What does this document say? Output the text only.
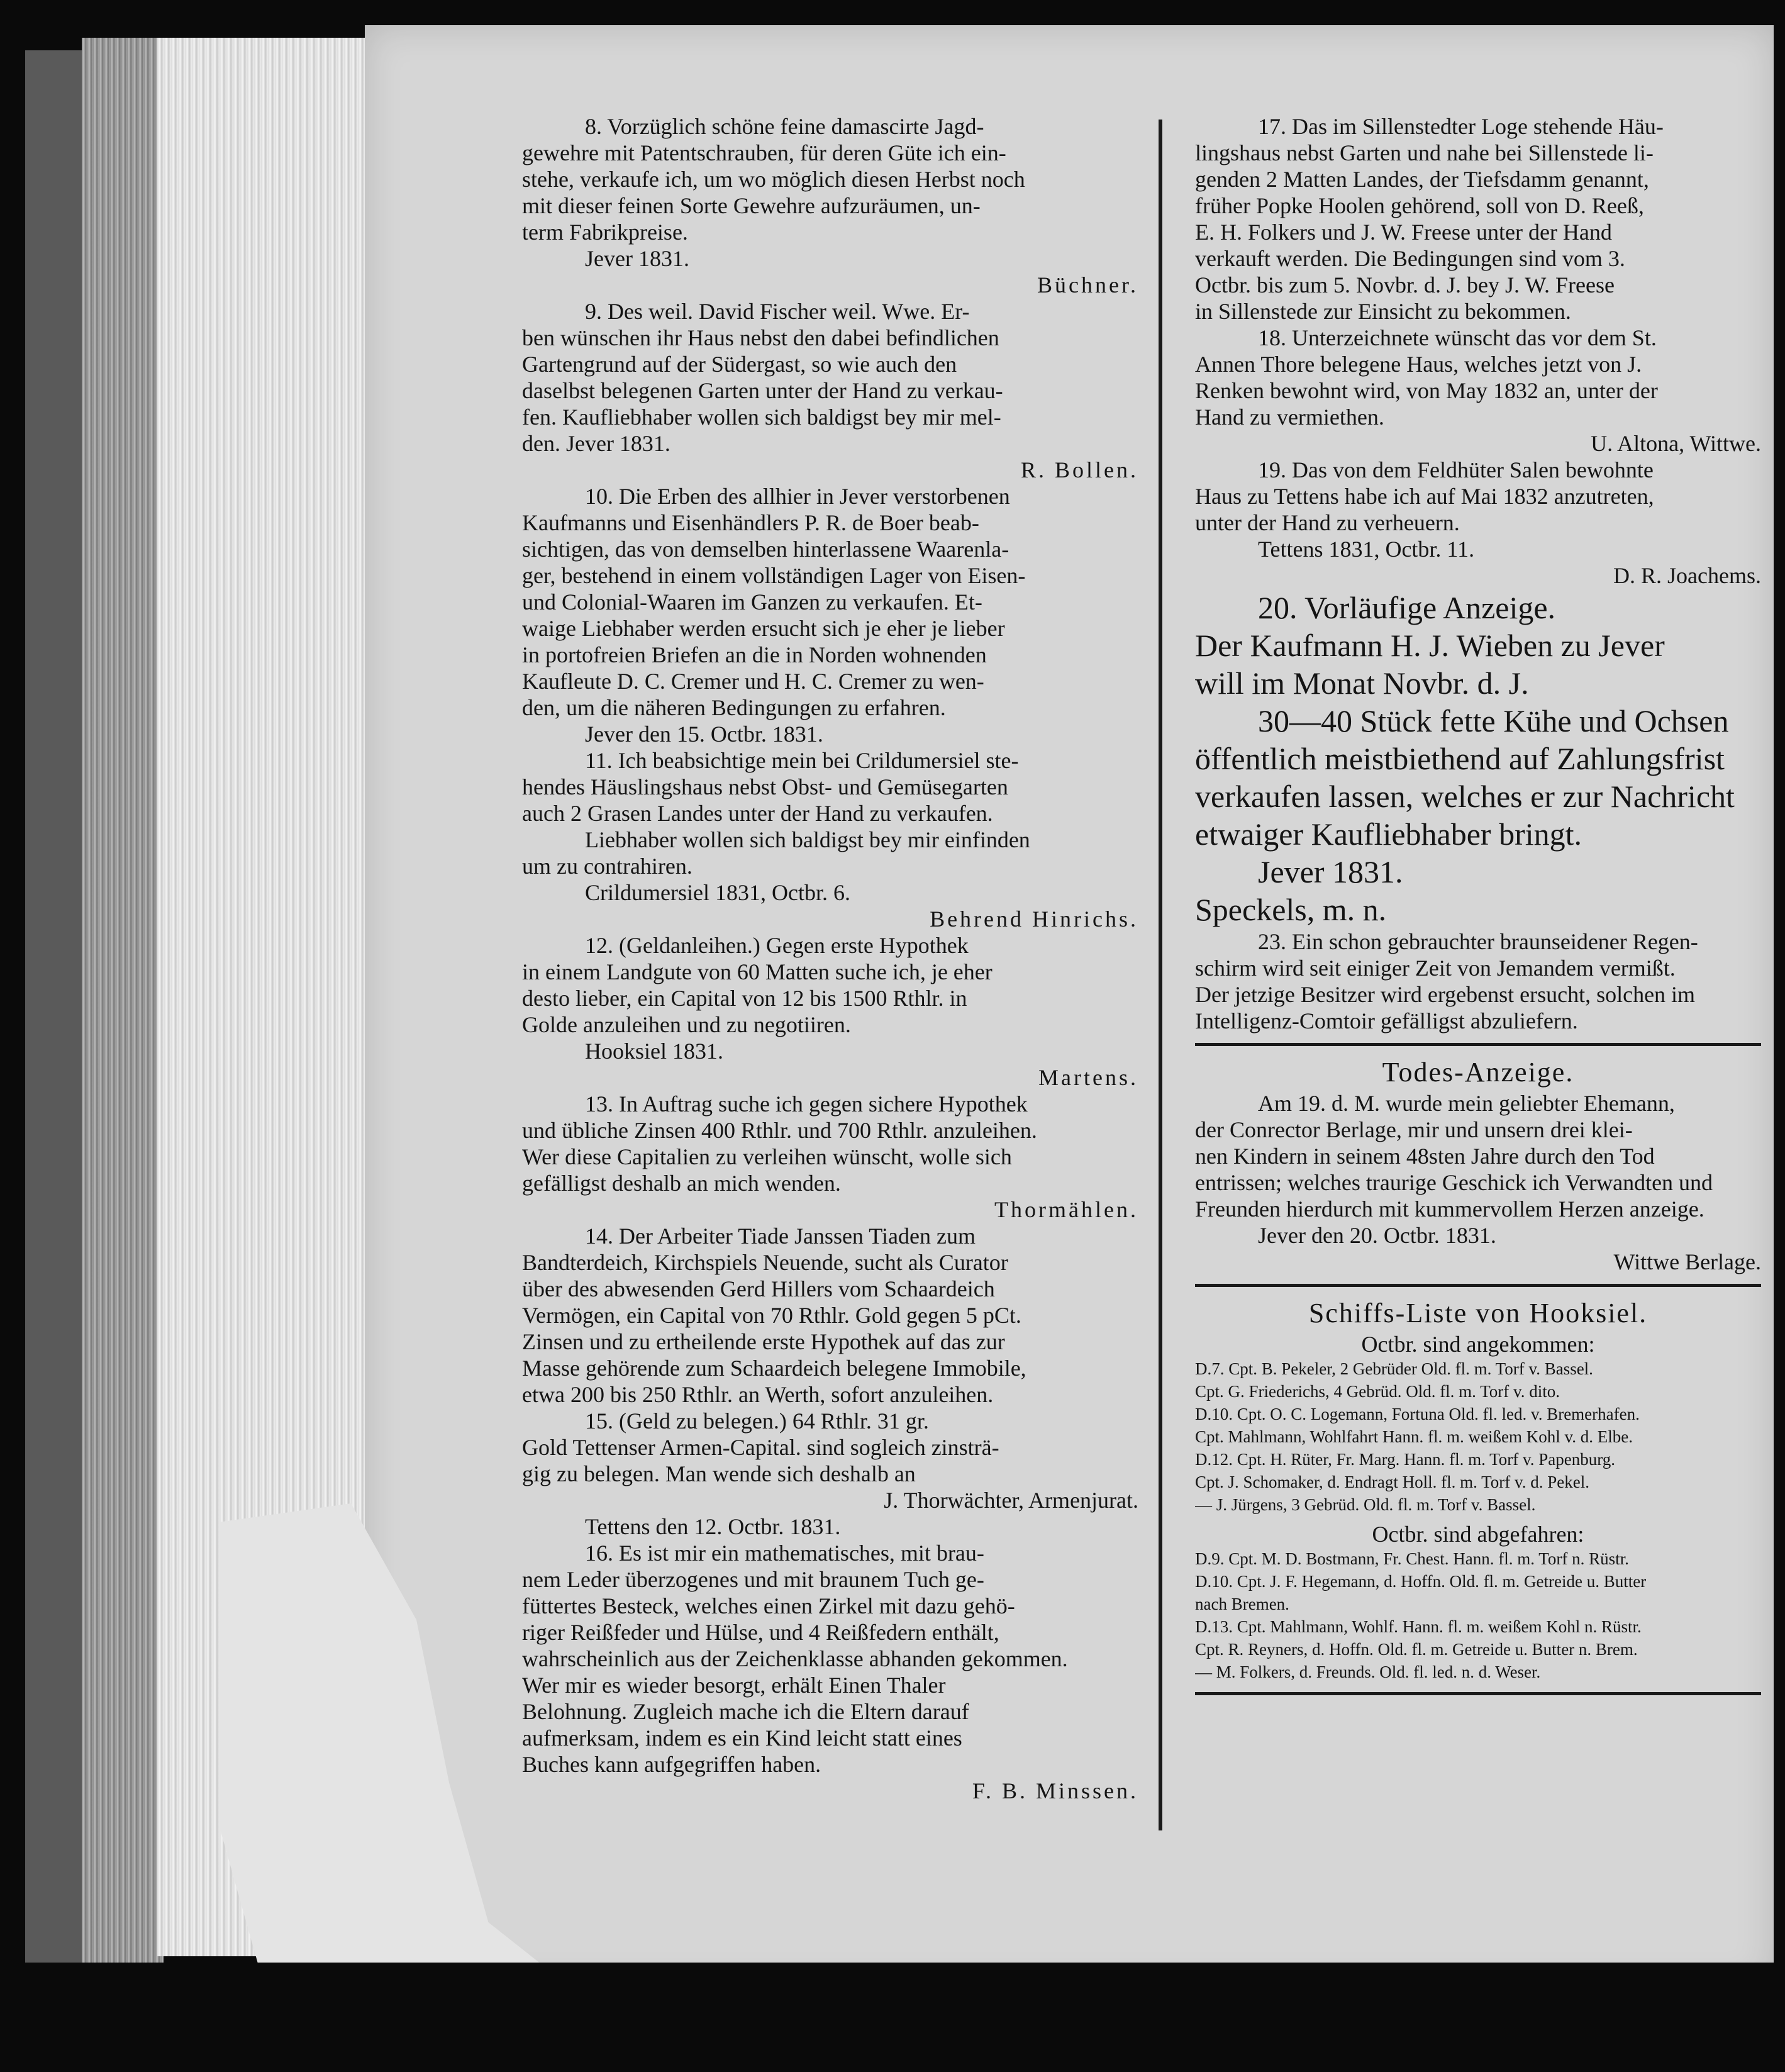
8. Vorzüglich schöne feine damascirte Jagd-

gewehre mit Patentschrauben, für deren Güte ich ein-

stehe, verkaufe ich, um wo möglich diesen Herbst noch

mit dieser feinen Sorte Gewehre aufzuräumen, un-

term Fabrikpreise.

Jever 1831.

Büchner.

9. Des weil. David Fischer weil. Wwe. Er-

ben wünschen ihr Haus nebst den dabei befindlichen

Gartengrund auf der Südergast, so wie auch den

daselbst belegenen Garten unter der Hand zu verkau-

fen. Kaufliebhaber wollen sich baldigst bey mir mel-

den. Jever 1831.

R. Bollen.

10. Die Erben des allhier in Jever verstorbenen

Kaufmanns und Eisenhändlers P. R. de Boer beab-

sichtigen, das von demselben hinterlassene Waarenla-

ger, bestehend in einem vollständigen Lager von Eisen-

und Colonial-Waaren im Ganzen zu verkaufen. Et-

waige Liebhaber werden ersucht sich je eher je lieber

in portofreien Briefen an die in Norden wohnenden

Kaufleute D. C. Cremer und H. C. Cremer zu wen-

den, um die näheren Bedingungen zu erfahren.

Jever den 15. Octbr. 1831.

11. Ich beabsichtige mein bei Crildumersiel ste-

hendes Häuslingshaus nebst Obst- und Gemüsegarten

auch 2 Grasen Landes unter der Hand zu verkaufen.

Liebhaber wollen sich baldigst bey mir einfinden

um zu contrahiren.

Crildumersiel 1831, Octbr. 6.

Behrend Hinrichs.

12. (Geldanleihen.) Gegen erste Hypothek

in einem Landgute von 60 Matten suche ich, je eher

desto lieber, ein Capital von 12 bis 1500 Rthlr. in

Golde anzuleihen und zu negotiiren.

Hooksiel 1831.

Martens.

13. In Auftrag suche ich gegen sichere Hypothek

und übliche Zinsen 400 Rthlr. und 700 Rthlr. anzuleihen.

Wer diese Capitalien zu verleihen wünscht, wolle sich

gefälligst deshalb an mich wenden.

Thormählen.

14. Der Arbeiter Tiade Janssen Tiaden zum

Bandterdeich, Kirchspiels Neuende, sucht als Curator

über des abwesenden Gerd Hillers vom Schaardeich

Vermögen, ein Capital von 70 Rthlr. Gold gegen 5 pCt.

Zinsen und zu ertheilende erste Hypothek auf das zur

Masse gehörende zum Schaardeich belegene Immobile,

etwa 200 bis 250 Rthlr. an Werth, sofort anzuleihen.

15. (Geld zu belegen.) 64 Rthlr. 31 gr.

Gold Tettenser Armen-Capital. sind sogleich zinsträ-

gig zu belegen. Man wende sich deshalb an

J. Thorwächter, Armenjurat.

Tettens den 12. Octbr. 1831.

16. Es ist mir ein mathematisches, mit brau-

nem Leder überzogenes und mit braunem Tuch ge-

füttertes Besteck, welches einen Zirkel mit dazu gehö-

riger Reißfeder und Hülse, und 4 Reißfedern enthält,

wahrscheinlich aus der Zeichenklasse abhanden gekommen.

Wer mir es wieder besorgt, erhält Einen Thaler

Belohnung. Zugleich mache ich die Eltern darauf

aufmerksam, indem es ein Kind leicht statt eines

Buches kann aufgegriffen haben.

F. B. Minssen.

17. Das im Sillenstedter Loge stehende Häu-

lingshaus nebst Garten und nahe bei Sillenstede li-

genden 2 Matten Landes, der Tiefsdamm genannt,

früher Popke Hoolen gehörend, soll von D. Reeß,

E. H. Folkers und J. W. Freese unter der Hand

verkauft werden. Die Bedingungen sind vom 3.

Octbr. bis zum 5. Novbr. d. J. bey J. W. Freese

in Sillenstede zur Einsicht zu bekommen.

18. Unterzeichnete wünscht das vor dem St.

Annen Thore belegene Haus, welches jetzt von J.

Renken bewohnt wird, von May 1832 an, unter der

Hand zu vermiethen.

U. Altona, Wittwe.

19. Das von dem Feldhüter Salen bewohnte

Haus zu Tettens habe ich auf Mai 1832 anzutreten,

unter der Hand zu verheuern.

Tettens 1831, Octbr. 11.

D. R. Joachems.

20. Vorläufige Anzeige.

Der Kaufmann H. J. Wieben zu Jever

will im Monat Novbr. d. J.

30—40 Stück fette Kühe und Ochsen

öffentlich meistbiethend auf Zahlungsfrist

verkaufen lassen, welches er zur Nachricht

etwaiger Kaufliebhaber bringt.

Jever 1831.

Speckels, m. n.

23. Ein schon gebrauchter braunseidener Regen-

schirm wird seit einiger Zeit von Jemandem vermißt.

Der jetzige Besitzer wird ergebenst ersucht, solchen im

Intelligenz-Comtoir gefälligst abzuliefern.

Todes-Anzeige.

Am 19. d. M. wurde mein geliebter Ehemann,

der Conrector Berlage, mir und unsern drei klei-

nen Kindern in seinem 48sten Jahre durch den Tod

entrissen; welches traurige Geschick ich Verwandten und

Freunden hierdurch mit kummervollem Herzen anzeige.

Jever den 20. Octbr. 1831.

Wittwe Berlage.

Schiffs-Liste von Hooksiel.

Octbr. sind angekommen:

D.7. Cpt. B. Pekeler, 2 Gebrüder Old. fl. m. Torf v. Bassel.

Cpt. G. Friederichs, 4 Gebrüd. Old. fl. m. Torf v. dito.

D.10. Cpt. O. C. Logemann, Fortuna Old. fl. led. v. Bremerhafen.

Cpt. Mahlmann, Wohlfahrt Hann. fl. m. weißem Kohl v. d. Elbe.

D.12. Cpt. H. Rüter, Fr. Marg. Hann. fl. m. Torf v. Papenburg.

Cpt. J. Schomaker, d. Endragt Holl. fl. m. Torf v. d. Pekel.

— J. Jürgens, 3 Gebrüd. Old. fl. m. Torf v. Bassel.

Octbr. sind abgefahren:

D.9. Cpt. M. D. Bostmann, Fr. Chest. Hann. fl. m. Torf n. Rüstr.

D.10. Cpt. J. F. Hegemann, d. Hoffn. Old. fl. m. Getreide u. Butter

nach Bremen.

D.13. Cpt. Mahlmann, Wohlf. Hann. fl. m. weißem Kohl n. Rüstr.

Cpt. R. Reyners, d. Hoffn. Old. fl. m. Getreide u. Butter n. Brem.

— M. Folkers, d. Freunds. Old. fl. led. n. d. Weser.
